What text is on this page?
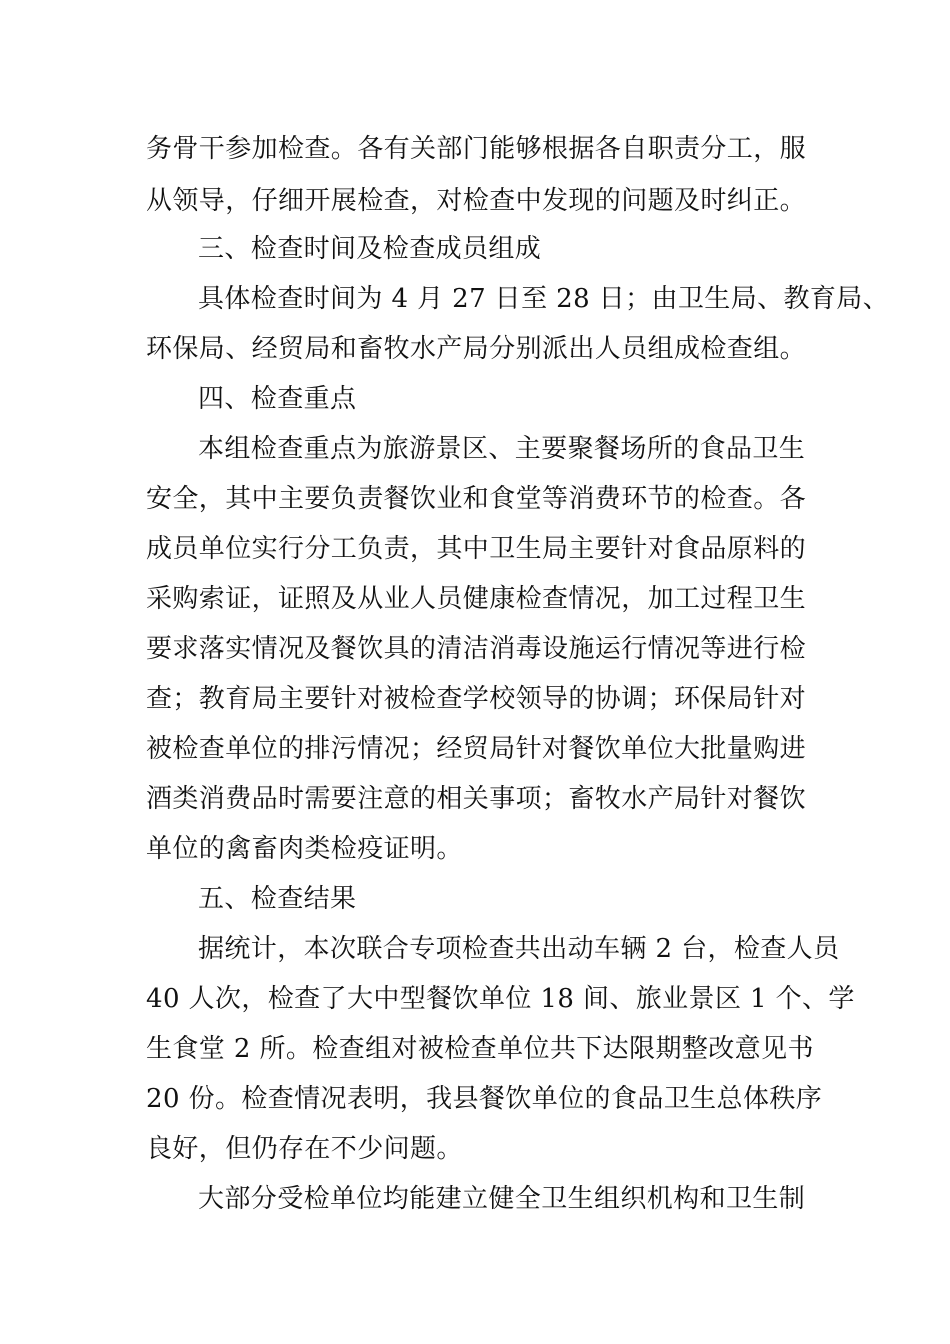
务骨干参加检查。各有关部门能够根据各自职责分工，服
从领导，仔细开展检查，对检查中发现的问题及时纠正。
三、检查时间及检查成员组成
具体检查时间为 4 月 27 日至 28 日；由卫生局、教育局、
环保局、经贸局和畜牧水产局分别派出人员组成检查组。
四、检查重点
本组检查重点为旅游景区、主要聚餐场所的食品卫生
安全，其中主要负责餐饮业和食堂等消费环节的检查。各
成员单位实行分工负责，其中卫生局主要针对食品原料的
采购索证，证照及从业人员健康检查情况，加工过程卫生
要求落实情况及餐饮具的清洁消毒设施运行情况等进行检
查；教育局主要针对被检查学校领导的协调；环保局针对
被检查单位的排污情况；经贸局针对餐饮单位大批量购进
酒类消费品时需要注意的相关事项；畜牧水产局针对餐饮
单位的禽畜肉类检疫证明。
五、检查结果
据统计，本次联合专项检查共出动车辆 2 台，检查人员
40 人次，检查了大中型餐饮单位 18 间、旅业景区 1 个、学
生食堂 2 所。检查组对被检查单位共下达限期整改意见书
20 份。检查情况表明，我县餐饮单位的食品卫生总体秩序
良好，但仍存在不少问题。
大部分受检单位均能建立健全卫生组织机构和卫生制
